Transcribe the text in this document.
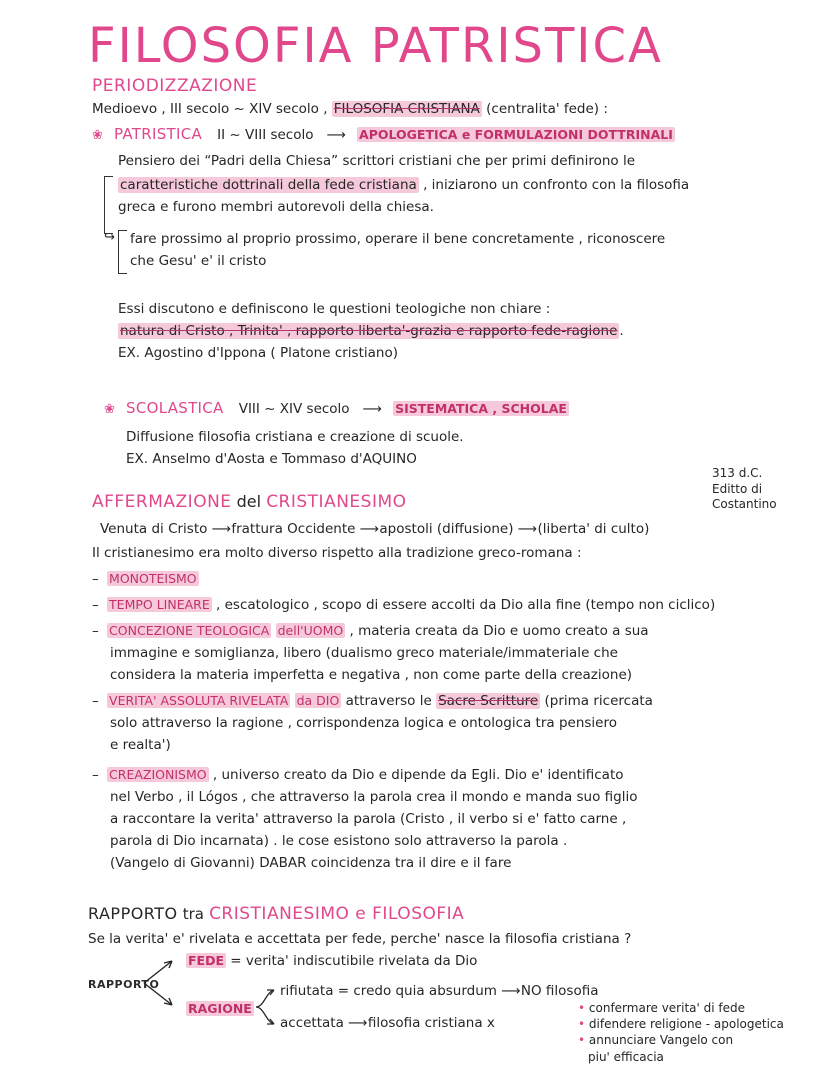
FILOSOFIA PATRISTICA
PERIODIZZAZIONE
Medioevo , III secolo ~ XIV secolo , FILOSOFIA CRISTIANA (centralita' fede) :
❀ PATRISTICA II ~ VIII secolo ⟶ APOLOGETICA e FORMULAZIONI DOTTRINALI
Pensiero dei “Padri della Chiesa” scrittori cristiani che per primi definirono le
caratteristiche dottrinali della fede cristiana , iniziarono un confronto con la filosofia
greca e furono membri autorevoli della chiesa.
↪ fare prossimo al proprio prossimo, operare il bene concretamente , riconoscere
che Gesu' e' il cristo
Essi discutono e definiscono le questioni teologiche non chiare :
natura di Cristo , Trinita' , rapporto liberta'-grazia e rapporto fede-ragione .
EX. Agostino d'Ippona ( Platone cristiano)
❀ SCOLASTICA VIII ~ XIV secolo ⟶ SISTEMATICA , SCHOLAE
Diffusione filosofia cristiana e creazione di scuole.
EX. Anselmo d'Aosta e Tommaso d'AQUINO
313 d.C.
Editto di
Costantino
AFFERMAZIONE del CRISTIANESIMO
Venuta di Cristo ⟶ frattura Occidente ⟶ apostoli (diffusione) ⟶ (liberta' di culto)
Il cristianesimo era molto diverso rispetto alla tradizione greco-romana :
– MONOTEISMO
– TEMPO LINEARE , escatologico , scopo di essere accolti da Dio alla fine (tempo non ciclico)
– CONCEZIONE TEOLOGICA dell'UOMO , materia creata da Dio e uomo creato a sua
immagine e somiglianza, libero (dualismo greco materiale/immateriale che
considera la materia imperfetta e negativa , non come parte della creazione)
– VERITA' ASSOLUTA RIVELATA da DIO attraverso le Sacre Scritture (prima ricercata
solo attraverso la ragione , corrispondenza logica e ontologica tra pensiero
e realta')
– CREAZIONISMO , universo creato da Dio e dipende da Egli. Dio e' identificato
nel Verbo , il Lógos , che attraverso la parola crea il mondo e manda suo figlio
a raccontare la verita' attraverso la parola (Cristo , il verbo si e' fatto carne ,
parola di Dio incarnata) . le cose esistono solo attraverso la parola .
(Vangelo di Giovanni) DABAR coincidenza tra il dire e il fare
RAPPORTO tra CRISTIANESIMO e FILOSOFIA
Se la verita' e' rivelata e accettata per fede, perche' nasce la filosofia cristiana ?
RAPPORTO
FEDE = verita' indiscutibile rivelata da Dio
RAGIONE
rifiutata = credo quia absurdum ⟶ NO filosofia
accettata ⟶ filosofia cristiana x
• confermare verita' di fede
• difendere religione - apologetica
• annunciare Vangelo con
piu' efficacia
